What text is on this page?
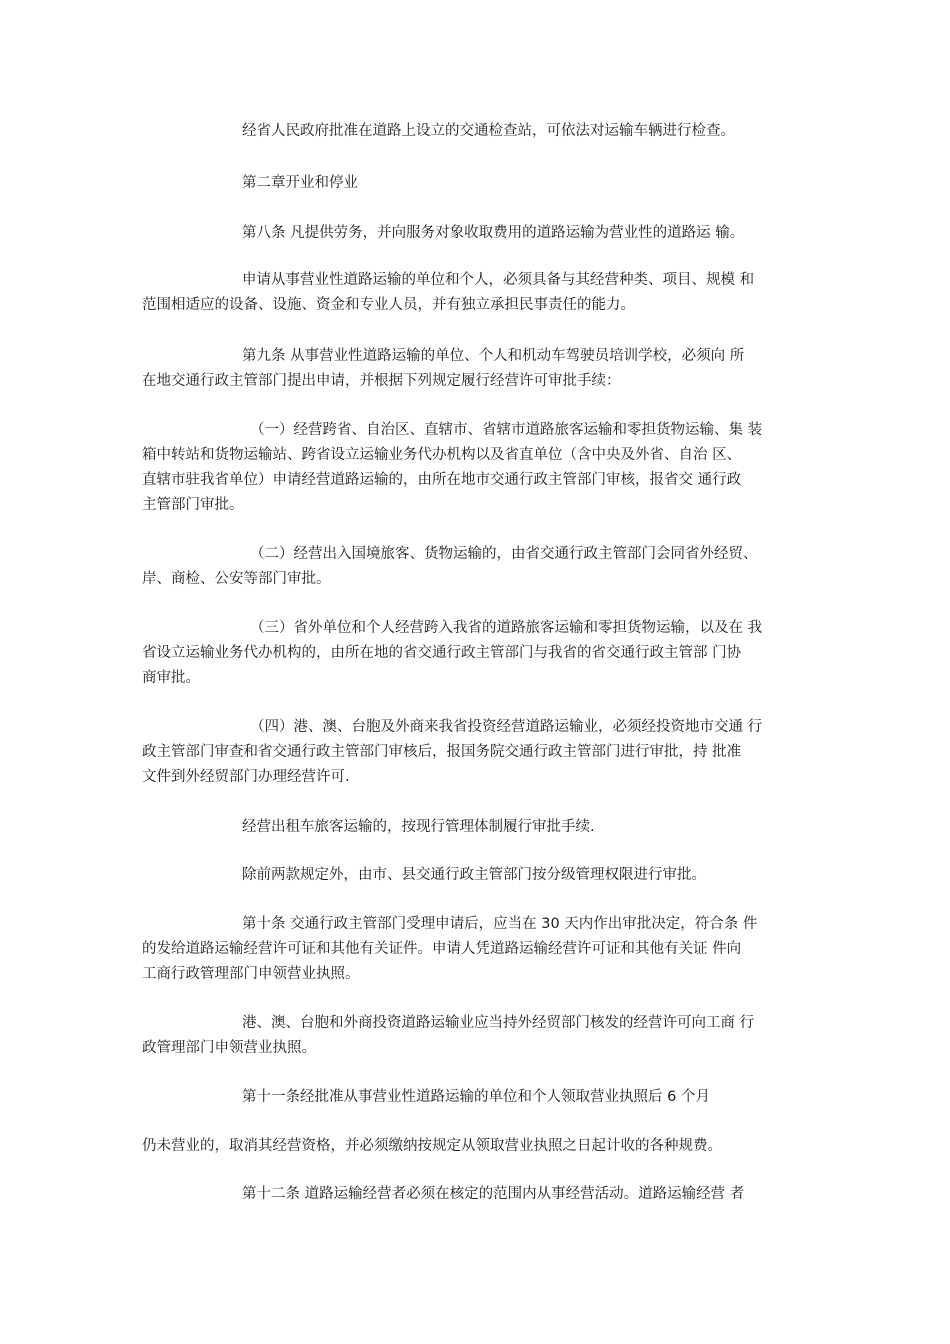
经省人民政府批准在道路上设立的交通检查站，可依法对运输车辆进行检查。
第二章开业和停业
第八条 凡提供劳务，并向服务对象收取费用的道路运输为营业性的道路运 输。
申请从事营业性道路运输的单位和个人，必须具备与其经营种类、项目、规模 和
范围相适应的设备、设施、资金和专业人员，并有独立承担民事责任的能力。
第九条 从事营业性道路运输的单位、个人和机动车驾驶员培训学校，必须向 所
在地交通行政主管部门提出申请，并根据下列规定履行经营许可审批手续：
（一）经营跨省、自治区、直辖市、省辖市道路旅客运输和零担货物运输、集 装
箱中转站和货物运输站、跨省设立运输业务代办机构以及省直单位（含中央及外省、自治 区、
直辖市驻我省单位）申请经营道路运输的，由所在地市交通行政主管部门审核，报省交 通行政
主管部门审批。
（二）经营出入国境旅客、货物运输的，由省交通行政主管部门会同省外经贸、
岸、商检、公安等部门审批。
（三）省外单位和个人经营跨入我省的道路旅客运输和零担货物运输，以及在 我
省设立运输业务代办机构的，由所在地的省交通行政主管部门与我省的省交通行政主管部 门协
商审批。
（四）港、澳、台胞及外商来我省投资经营道路运输业，必须经投资地市交通 行
政主管部门审查和省交通行政主管部门审核后，报国务院交通行政主管部门进行审批，持 批准
文件到外经贸部门办理经营许可.
经营出租车旅客运输的，按现行管理体制履行审批手续.
除前两款规定外，由市、县交通行政主管部门按分级管理权限进行审批。
第十条 交通行政主管部门受理申请后，应当在 30 天内作出审批决定，符合条 件
的发给道路运输经营许可证和其他有关证件。申请人凭道路运输经营许可证和其他有关证 件向
工商行政管理部门申领营业执照。
港、澳、台胞和外商投资道路运输业应当持外经贸部门核发的经营许可向工商 行
政管理部门申领营业执照。
第十一条经批准从事营业性道路运输的单位和个人领取营业执照后 6 个月
仍未营业的，取消其经营资格，并必须缴纳按规定从领取营业执照之日起计收的各种规费。
第十二条 道路运输经营者必须在核定的范围内从事经营活动。道路运输经营 者
